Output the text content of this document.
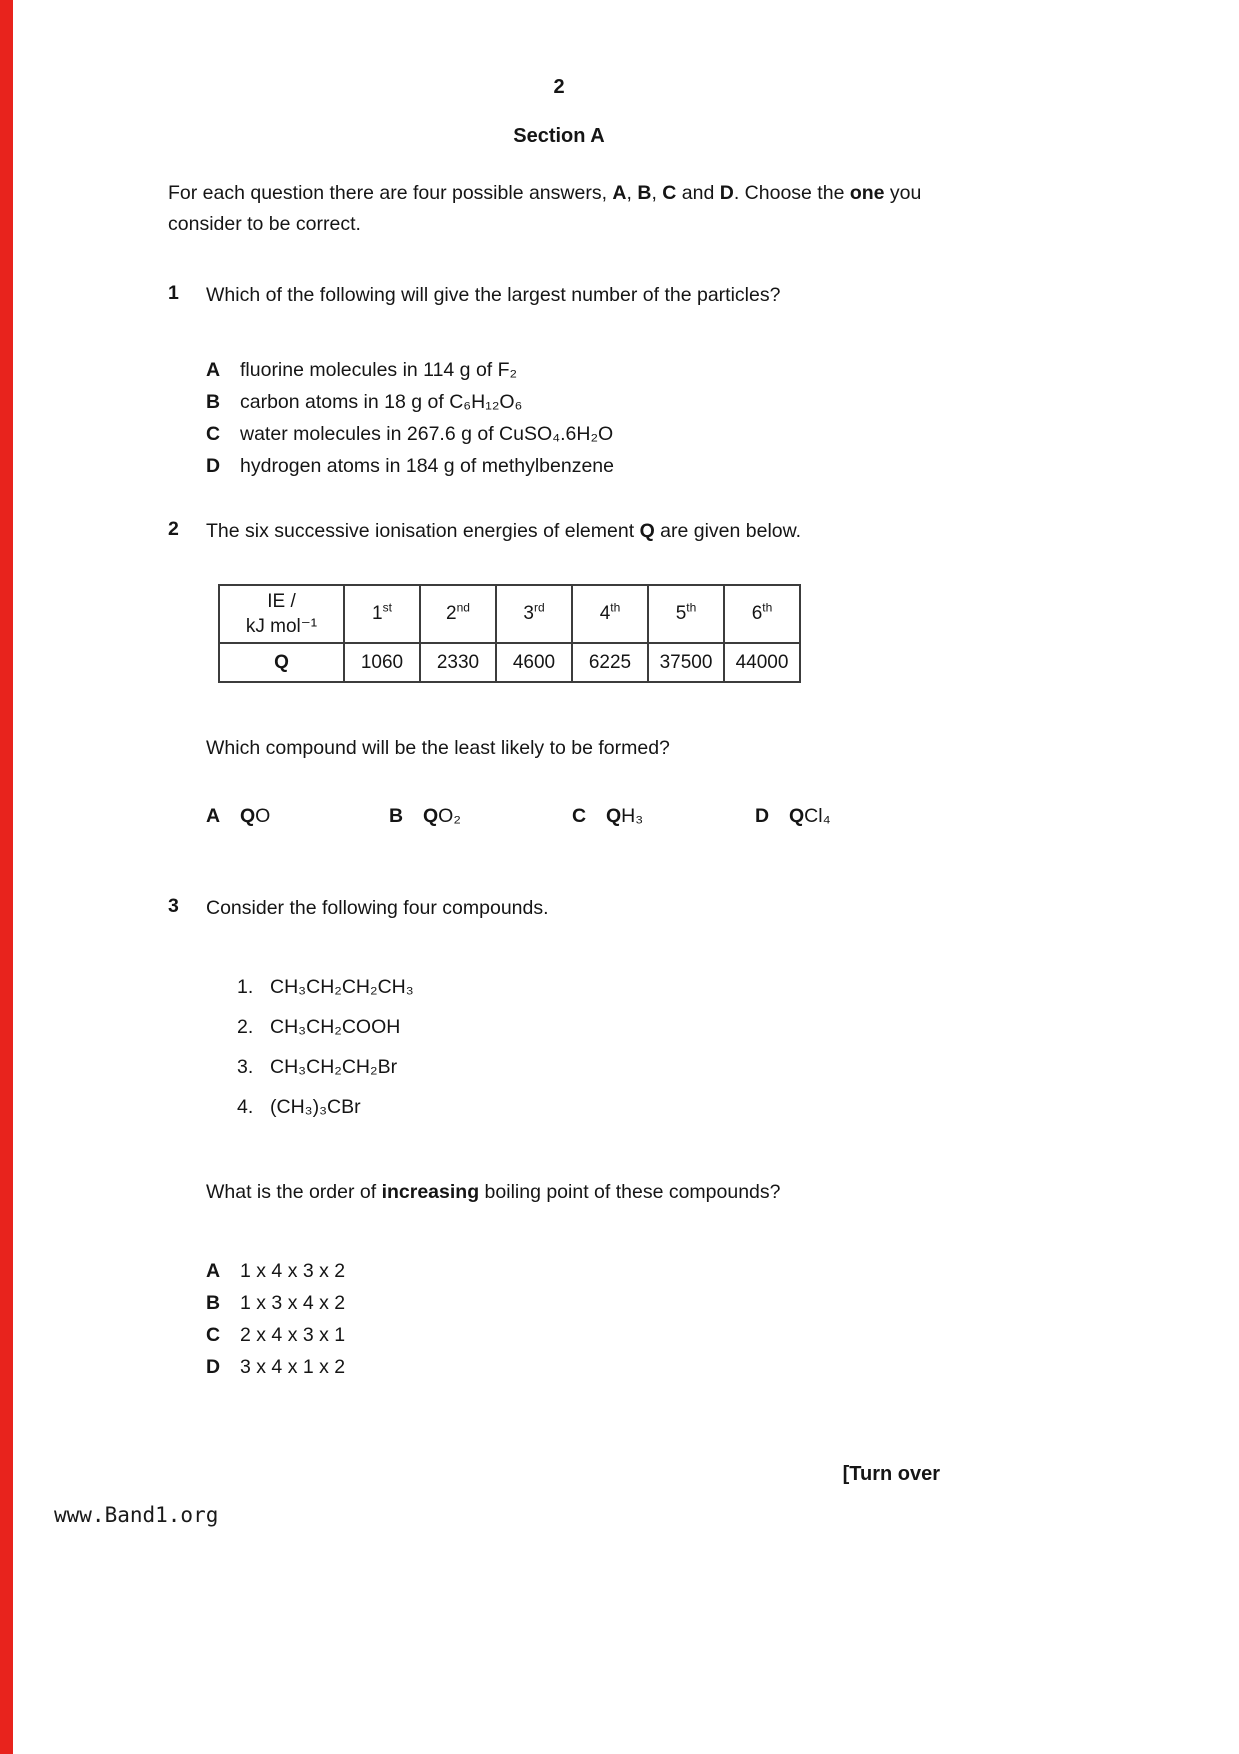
2
Section A

For each question there are four possible answers, A, B, C and D. Choose the one you consider to be correct.

1	Which of the following will give the largest number of the particles?
A	fluorine molecules in 114 g of F₂
B	carbon atoms in 18 g of C₆H₁₂O₆
C	water molecules in 267.6 g of CuSO₄.6H₂O
D	hydrogen atoms in 184 g of methylbenzene
2	The six successive ionisation energies of element Q are given below.
IE /
kJ mol⁻¹	1st	2nd	3rd	4th	5th	6th
Q	1060	2330	4600	6225	37500	44000
Which compound will be the least likely to be formed?
A	QO	B	QO₂	C	QH₃	D	QCl₄
3	Consider the following four compounds.
1. CH₃CH₂CH₂CH₃
2. CH₃CH₂COOH
3. CH₃CH₂CH₂Br
4. (CH₃)₃CBr
What is the order of increasing boiling point of these compounds?
A	1 x 4 x 3 x 2
B	1 x 3 x 4 x 2
C	2 x 4 x 3 x 1
D	3 x 4 x 1 x 2
[Turn over
www.Band1.org
